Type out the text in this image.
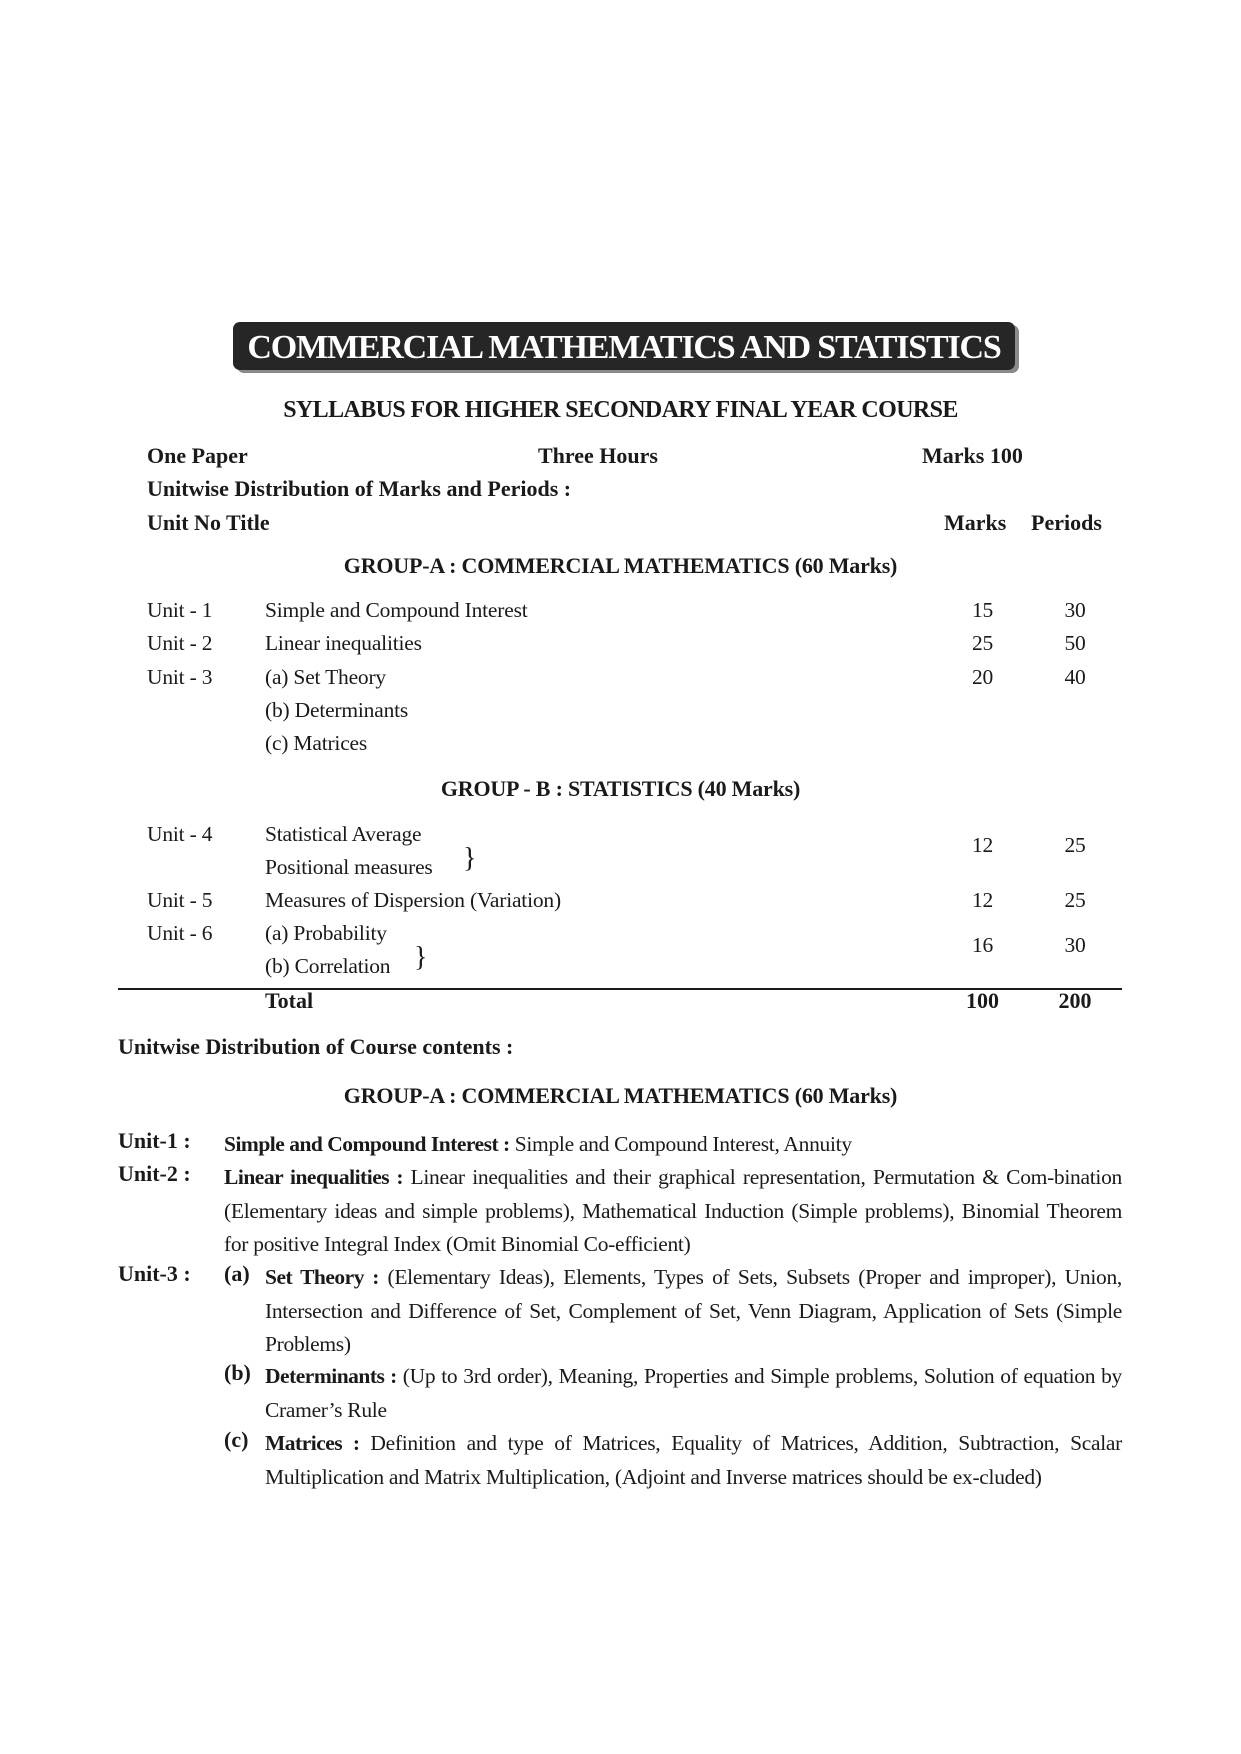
COMMERCIAL MATHEMATICS AND STATISTICS
SYLLABUS FOR HIGHER SECONDARY FINAL YEAR COURSE
One Paper	Three Hours	Marks 100
Unitwise Distribution of Marks and Periods :
Unit No Title	Marks Periods
GROUP-A : COMMERCIAL MATHEMATICS (60 Marks)
Unit - 1 Simple and Compound Interest	15	30
Unit - 2 Linear inequalities	25	50
Unit - 3 (a) Set Theory	20	40
(b) Determinants
(c) Matrices
GROUP - B : STATISTICS (40 Marks)
Unit - 4 Statistical Average
Positional measures }	12	25
Unit - 5 Measures of Dispersion (Variation)	12	25
Unit - 6 (a) Probability
(b) Correlation }	16	30
Total	100	200
Unitwise Distribution of Course contents :
GROUP-A : COMMERCIAL MATHEMATICS (60 Marks)
Unit-1 : Simple and Compound Interest : Simple and Compound Interest, Annuity
Unit-2 : Linear inequalities : Linear inequalities and their graphical representation, Permutation & Com-bination (Elementary ideas and simple problems), Mathematical Induction (Simple problems), Binomial Theorem for positive Integral Index (Omit Binomial Co-efficient)
Unit-3 : (a) Set Theory : (Elementary Ideas), Elements, Types of Sets, Subsets (Proper and improper), Union, Intersection and Difference of Set, Complement of Set, Venn Diagram, Application of Sets (Simple Problems)
(b) Determinants : (Up to 3rd order), Meaning, Properties and Simple problems, Solution of equation by Cramer’s Rule
(c) Matrices : Definition and type of Matrices, Equality of Matrices, Addition, Subtraction, Scalar Multiplication and Matrix Multiplication, (Adjoint and Inverse matrices should be ex-cluded)
